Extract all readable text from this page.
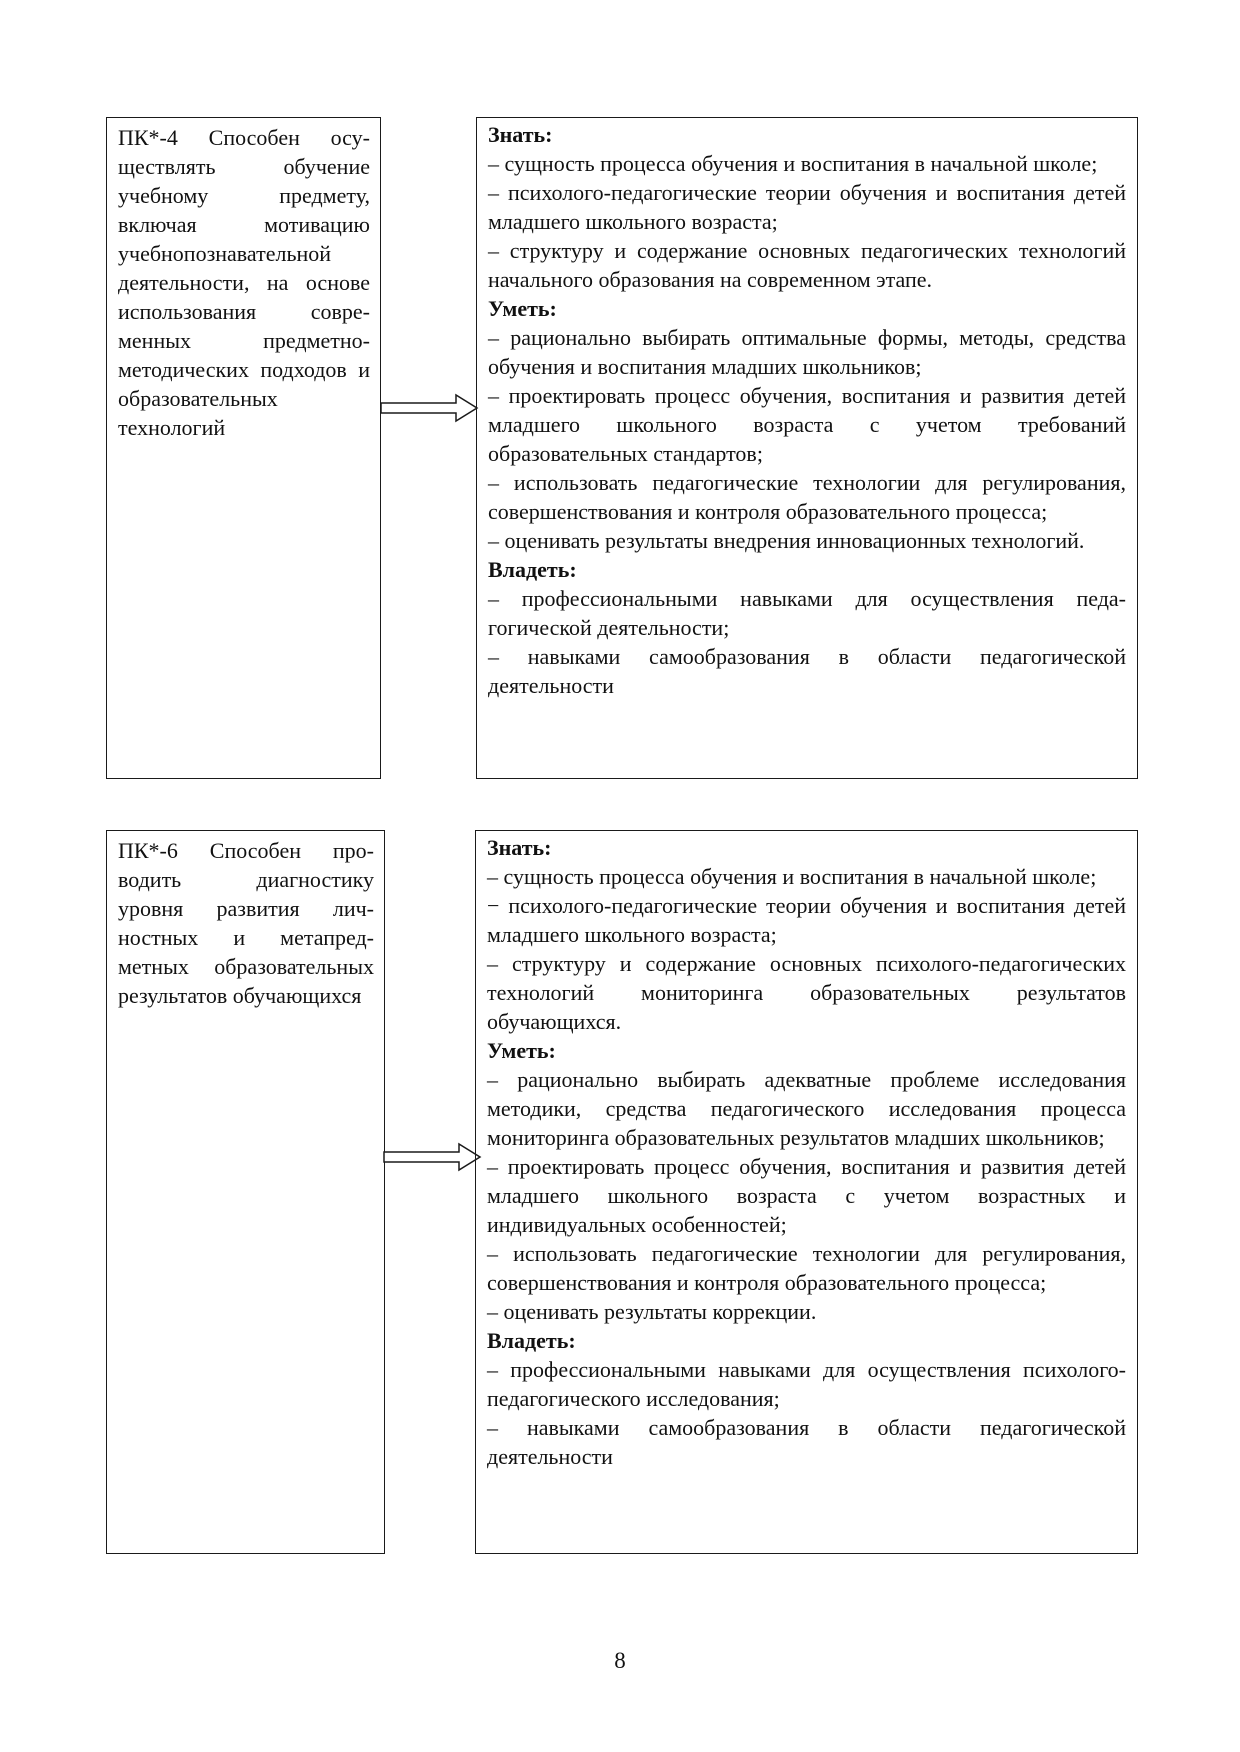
ПК*-4 Способен осуществлять обучение учебному предмету, включая мотивацию учебнопознавательной деятельности, на основе использования современных предметнометодических подходов и образовательных технологий
Знать:
– сущность процесса обучения и воспитания в начальной школе;
– психолого-педагогические теории обучения и воспитания детей младшего школьного возраста;
– структуру и содержание основных педагогических технологий начального образования на современном этапе.
Уметь:
– рационально выбирать оптимальные формы, методы, средства обучения и воспитания младших школьников;
– проектировать процесс обучения, воспитания и развития детей младшего школьного возраста с учетом требований образовательных стандартов;
– использовать педагогические технологии для регулирования, совершенствования и контроля образовательного процесса;
– оценивать результаты внедрения инновационных технологий.
Владеть:
– профессиональными навыками для осуществления педагогической деятельности;
– навыками самообразования в области педагогической деятельности
ПК*-6 Способен проводить диагностику уровня развития личностных и метапредметных образовательных результатов обучающихся
Знать:
– сущность процесса обучения и воспитания в начальной школе;
− психолого-педагогические теории обучения и воспитания детей младшего школьного возраста;
– структуру и содержание основных психолого-педагогических технологий мониторинга образовательных результатов обучающихся.
Уметь:
– рационально выбирать адекватные проблеме исследования методики, средства педагогического исследования процесса мониторинга образовательных результатов младших школьников;
– проектировать процесс обучения, воспитания и развития детей младшего школьного возраста с учетом возрастных и индивидуальных особенностей;
– использовать педагогические технологии для регулирования, совершенствования и контроля образовательного процесса;
– оценивать результаты коррекции.
Владеть:
– профессиональными навыками для осуществления психолого-педагогического исследования;
– навыками самообразования в области педагогической деятельности
8
